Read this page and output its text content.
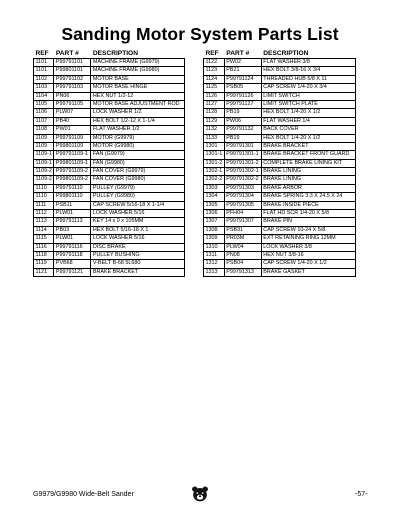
Sanding Motor System Parts List
REF	PART #	DESCRIPTION
1101	P99791101	MACHINE FRAME (G9979)
1101	P99801101	MACHINE FRAME (G9980)
1102	P99791102	MOTOR BASE
1103	P99791103	MOTOR BASE HINGE
1104	PN06	HEX NUT 1/2-12
1105	P99791105	MOTOR BASE ADJUSTMENT ROD
1106	PLW07	LOCK WASHER 1/2
1107	PB40	HEX BOLT 1/2-12 X 1-1/4
1108	PW01	FLAT WASHER 1/2
1109	P99791109	MOTOR (G9979)
1109	P99801109	MOTOR (G9980)
1109-1	P99791109-1	FAN (G9979)
1109-1	P99801109-1	FAN (G9980)
1109-2	P99791109-2	FAN COVER (G9979)
1109-2	P99801109-2	FAN COVER (G9980)
1110	P99791110	PULLEY (G9979)
1110	P99801110	PULLEY (G9980)
1111	PSB11	CAP SCREW 5/16-18 X 1-1/4
1112	PLW01	LOCK WASHER 5/16
1113	P99791113	KEY 14 x 9 x 105MM
1114	PB03	HEX BOLT 5/16-18 X 1
1115	PLW01	LOCK WASHER 5/16
1116	P99791116	DISC BRAKE
1118	P99791118	PULLEY BUSHING
1119	PVB68	V-BELT B-68 5L680
1121	P99791121	BRAKE BRACKET
REF	PART #	DESCRIPTION
1122	PW02	FLAT WASHER 3/8
1123	PB21	HEX BOLT 3/8-16 X 3/4
1124	P99791124	THREADED HUB 5/8 X 11
1125	PSB05	CAP SCREW 1/4-20 X 3/4
1126	P99791126	LIMIT SWITCH
1127	P99791127	LIMIT SWITCH PLATE
1128	PB19	HEX BOLT 1/4-20 X 1/2
1129	PW06	FLAT WASHER 1/4
1132	P99791132	BACK COVER
1133	PB19	HEX BOLT 1/4-20 X 1/2
1301	P99791301	BRAKE BRACKET
1301-1	P99791301-1	BRAKE BRACKET FRONT GUARD
1301-2	P99791301-2	COMPLETE BRAKE LINING KIT
1302-1	P99791302-1	BRAKE LINING
1302-2	P99791302-2	BRAKE LINING
1303	P99791303	BRAKE ARBOR
1304	P99791304	BRAKE SPRING 3.3 X 24.5 X 24
1305	P99791305	BRAKE INSIDE PIECE
1306	PFH04	FLAT HD SCR 1/4-20 X 5/8
1307	P99791307	BRAKE PIN
1308	PSB31	CAP SCREW 10-24 X 5/8
1309	PR03M	EXT RETAINING RING 12MM
1310	PLW04	LOCK WASHER 3/8
1311	PN08	HEX NUT 3/8-16
1312	PSB04	CAP SCREW 1/4-20 X 1/2
1313	P99791313	BRAKE GASKET
G9979/G9980 Wide-Belt Sander	-57-
